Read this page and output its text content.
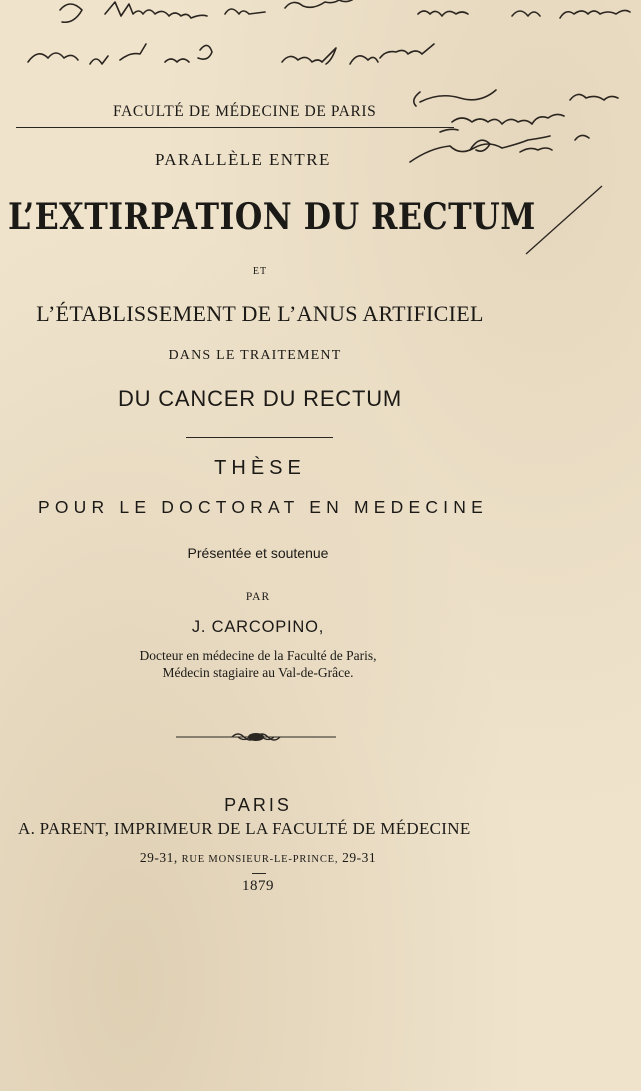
FACULTÉ DE MÉDECINE DE PARIS
PARALLÈLE ENTRE
L’EXTIRPATION DU RECTUM
ET
L’ÉTABLISSEMENT DE L’ANUS ARTIFICIEL
DANS LE TRAITEMENT
DU CANCER DU RECTUM
THÈSE
POUR LE DOCTORAT EN MEDECINE
Présentée et soutenue
PAR
J. CARCOPINO,
Docteur en médecine de la Faculté de Paris,
Médecin stagiaire au Val-de-Grâce.
PARIS
A. PARENT, IMPRIMEUR DE LA FACULTÉ DE MÉDECINE
29-31, RUE MONSIEUR-LE-PRINCE, 29-31
1879
